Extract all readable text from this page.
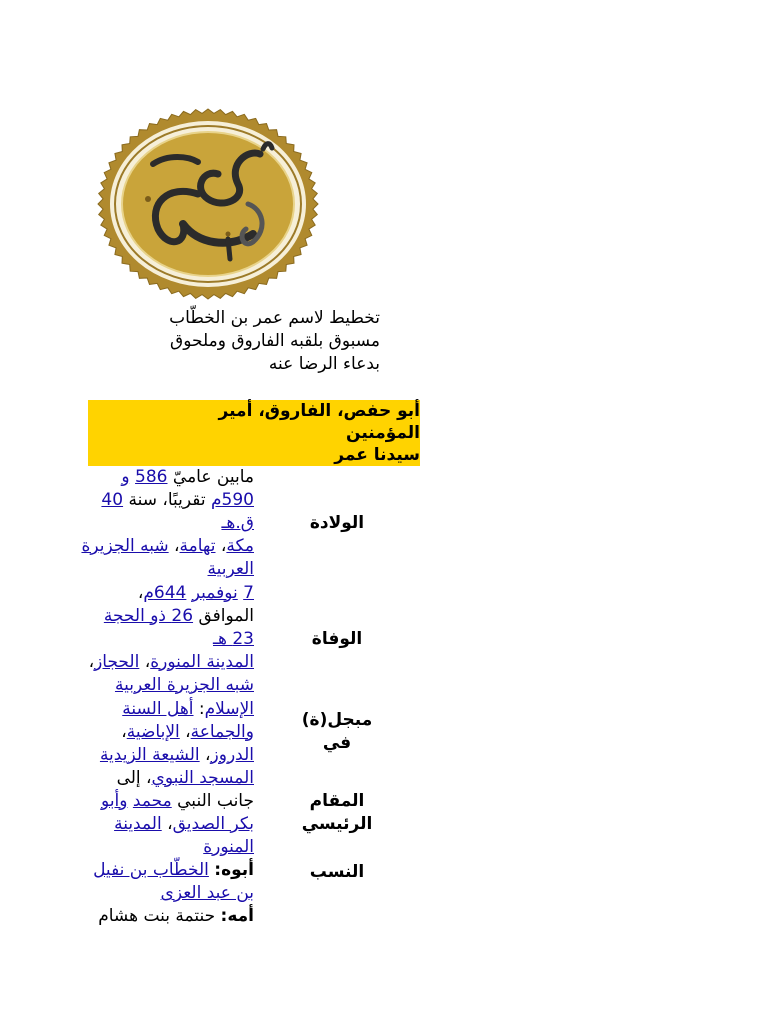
تخطيط لاسم عمر بن الخطّاب
مسبوق بلقبه الفاروق وملحوق
بدعاء الرضا عنه
أبو حفص، الفاروق، أمير
المؤمنين
سيدنا عمر	

الولادة	مابين عاميّ 586 و
590م تقريبًا، سنة 40
ق.هـ
مكة، تهامة، شبه الجزيرة
العربية

الوفاة	7 نوفمبر 644م،
الموافق 26 ذو الحجة
23 هـ
المدينة المنورة، الحجاز،
شبه الجزيرة العربية

مبجل(ة)
في	الإسلام: أهل السنة
والجماعة، الإباضية،
الدروز، الشيعة الزيدية

المقام
الرئيسي	المسجد النبوي، إلى
جانب النبي محمد وأبو
بكر الصديق، المدينة
المنورة

النسب	أبوه: الخطّاب بن نفيل
بن عبد العزى
أمه: حنتمة بنت هشام
